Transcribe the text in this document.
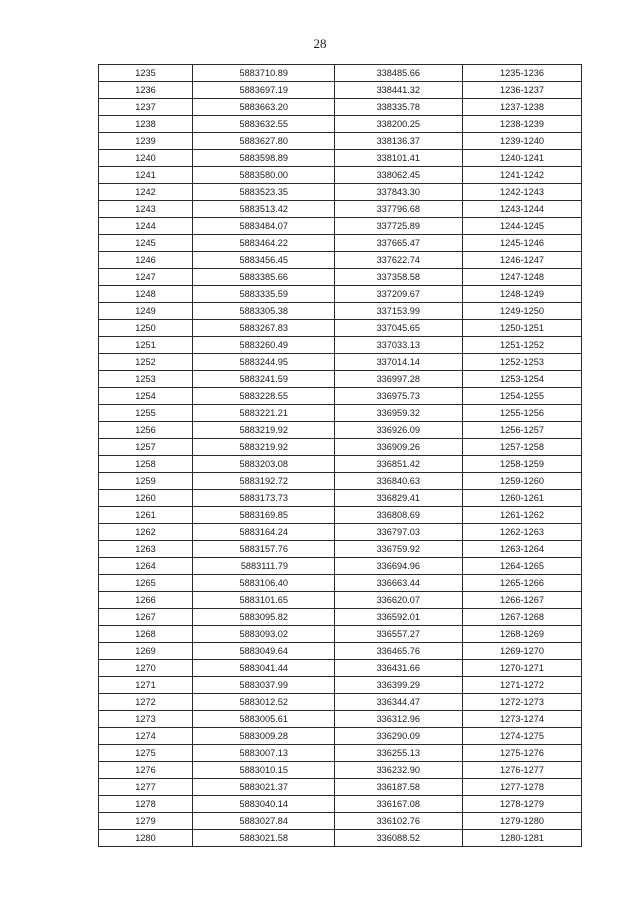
28
1235	5883710.89	338485.66	1235-1236
1236	5883697.19	338441.32	1236-1237
1237	5883663.20	338335.78	1237-1238
1238	5883632.55	338200.25	1238-1239
1239	5883627.80	338136.37	1239-1240
1240	5883598.89	338101.41	1240-1241
1241	5883580.00	338062.45	1241-1242
1242	5883523.35	337843.30	1242-1243
1243	5883513.42	337796.68	1243-1244
1244	5883484.07	337725.89	1244-1245
1245	5883464.22	337665.47	1245-1246
1246	5883456.45	337622.74	1246-1247
1247	5883385.66	337358.58	1247-1248
1248	5883335.59	337209.67	1248-1249
1249	5883305.38	337153.99	1249-1250
1250	5883267.83	337045.65	1250-1251
1251	5883260.49	337033.13	1251-1252
1252	5883244.95	337014.14	1252-1253
1253	5883241.59	336997.28	1253-1254
1254	5883228.55	336975.73	1254-1255
1255	5883221.21	336959.32	1255-1256
1256	5883219.92	336926.09	1256-1257
1257	5883219.92	336909.26	1257-1258
1258	5883203.08	336851.42	1258-1259
1259	5883192.72	336840.63	1259-1260
1260	5883173.73	336829.41	1260-1261
1261	5883169.85	336808.69	1261-1262
1262	5883164.24	336797.03	1262-1263
1263	5883157.76	336759.92	1263-1264
1264	5883111.79	336694.96	1264-1265
1265	5883106.40	336663.44	1265-1266
1266	5883101.65	336620.07	1266-1267
1267	5883095.82	336592.01	1267-1268
1268	5883093.02	336557.27	1268-1269
1269	5883049.64	336465.76	1269-1270
1270	5883041.44	336431.66	1270-1271
1271	5883037.99	336399.29	1271-1272
1272	5883012.52	336344.47	1272-1273
1273	5883005.61	336312.96	1273-1274
1274	5883009.28	336290.09	1274-1275
1275	5883007.13	336255.13	1275-1276
1276	5883010.15	336232.90	1276-1277
1277	5883021.37	336187.58	1277-1278
1278	5883040.14	336167.08	1278-1279
1279	5883027.84	336102.76	1279-1280
1280	5883021.58	336088.52	1280-1281
